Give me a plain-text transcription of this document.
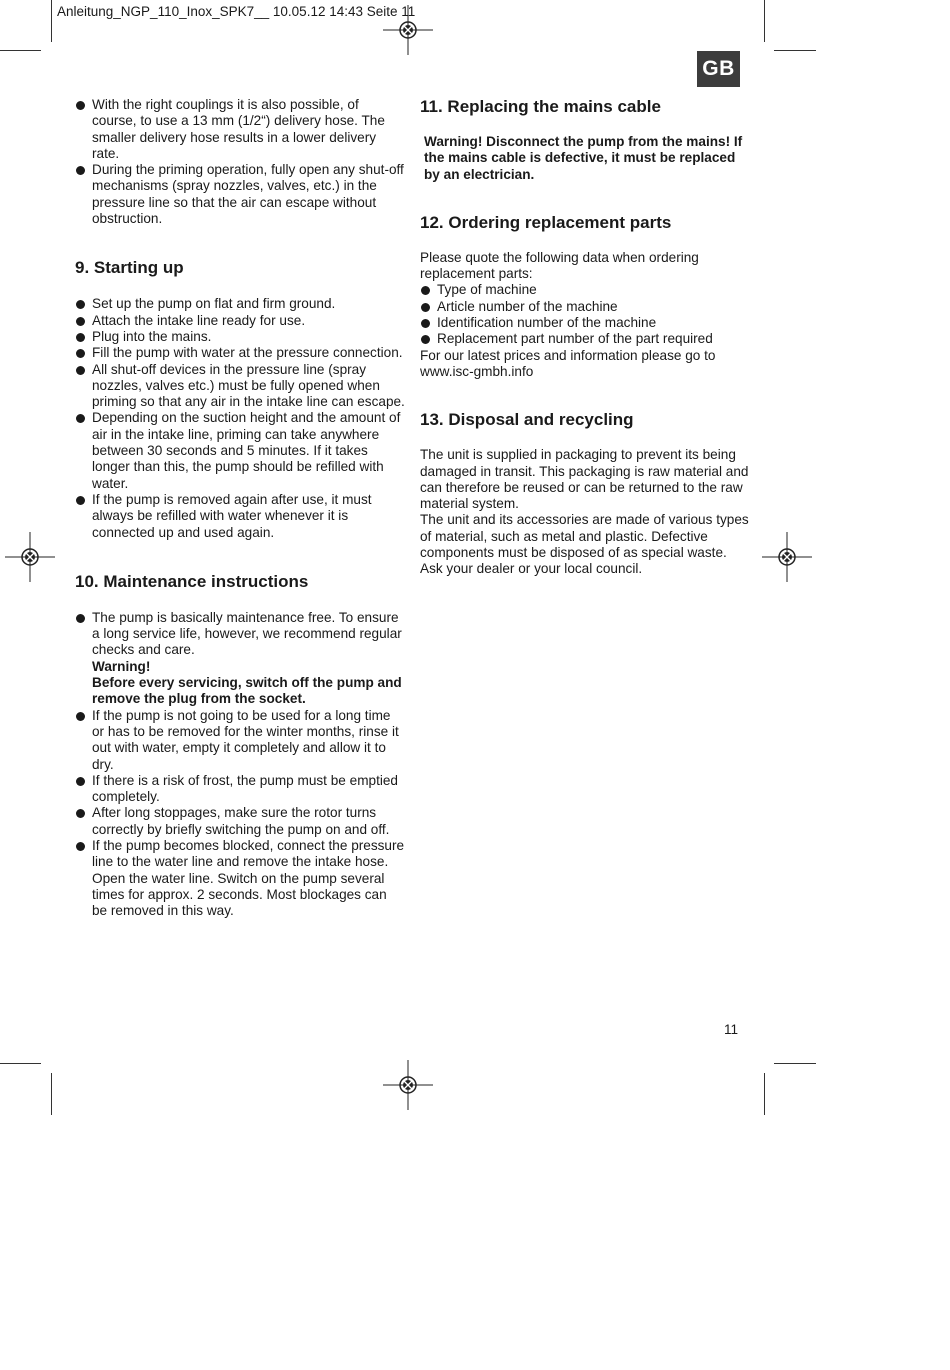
Anleitung_NGP_110_Inox_SPK7__ 10.05.12 14:43 Seite 11
GB
With the right couplings it is also possible, of course, to use a 13 mm (1/2“) delivery hose. The smaller delivery hose results in a lower delivery rate.
During the priming operation, fully open any shut-off mechanisms (spray nozzles, valves, etc.) in the pressure line so that the air can escape without obstruction.
9. Starting up
Set up the pump on flat and firm ground.
Attach the intake line ready for use.
Plug into the mains.
Fill the pump with water at the pressure connection.
All shut-off devices in the pressure line (spray nozzles, valves etc.) must be fully opened when priming so that any air in the intake line can escape.
Depending on the suction height and the amount of air in the intake line, priming can take anywhere between 30 seconds and 5 minutes. If it takes longer than this, the pump should be refilled with water.
If the pump is removed again after use, it must always be refilled with water whenever it is connected up and used again.
10. Maintenance instructions
The pump is basically maintenance free. To ensure a long service life, however, we recommend regular checks and care.
Warning!
Before every servicing, switch off the pump and remove the plug from the socket.
If the pump is not going to be used for a long time or has to be removed for the winter months, rinse it out with water, empty it completely and allow it to dry.
If there is a risk of frost, the pump must be emptied completely.
After long stoppages, make sure the rotor turns correctly by briefly switching the pump on and off.
If the pump becomes blocked, connect the pressure line to the water line and remove the intake hose. Open the water line. Switch on the pump several times for approx. 2 seconds. Most blockages can be removed in this way.
11. Replacing the mains cable

Warning! Disconnect the pump from the mains! If the mains cable is defective, it must be replaced by an electrician.

12. Ordering replacement parts

Please quote the following data when ordering replacement parts:

Type of machine
Article number of the machine
Identification number of the machine
Replacement part number of the part required

For our latest prices and information please go to www.isc-gmbh.info

13. Disposal and recycling

The unit is supplied in packaging to prevent its being damaged in transit. This packaging is raw material and can therefore be reused or can be returned to the raw material system.

The unit and its accessories are made of various types of material, such as metal and plastic. Defective components must be disposed of as special waste. Ask your dealer or your local council.

11
